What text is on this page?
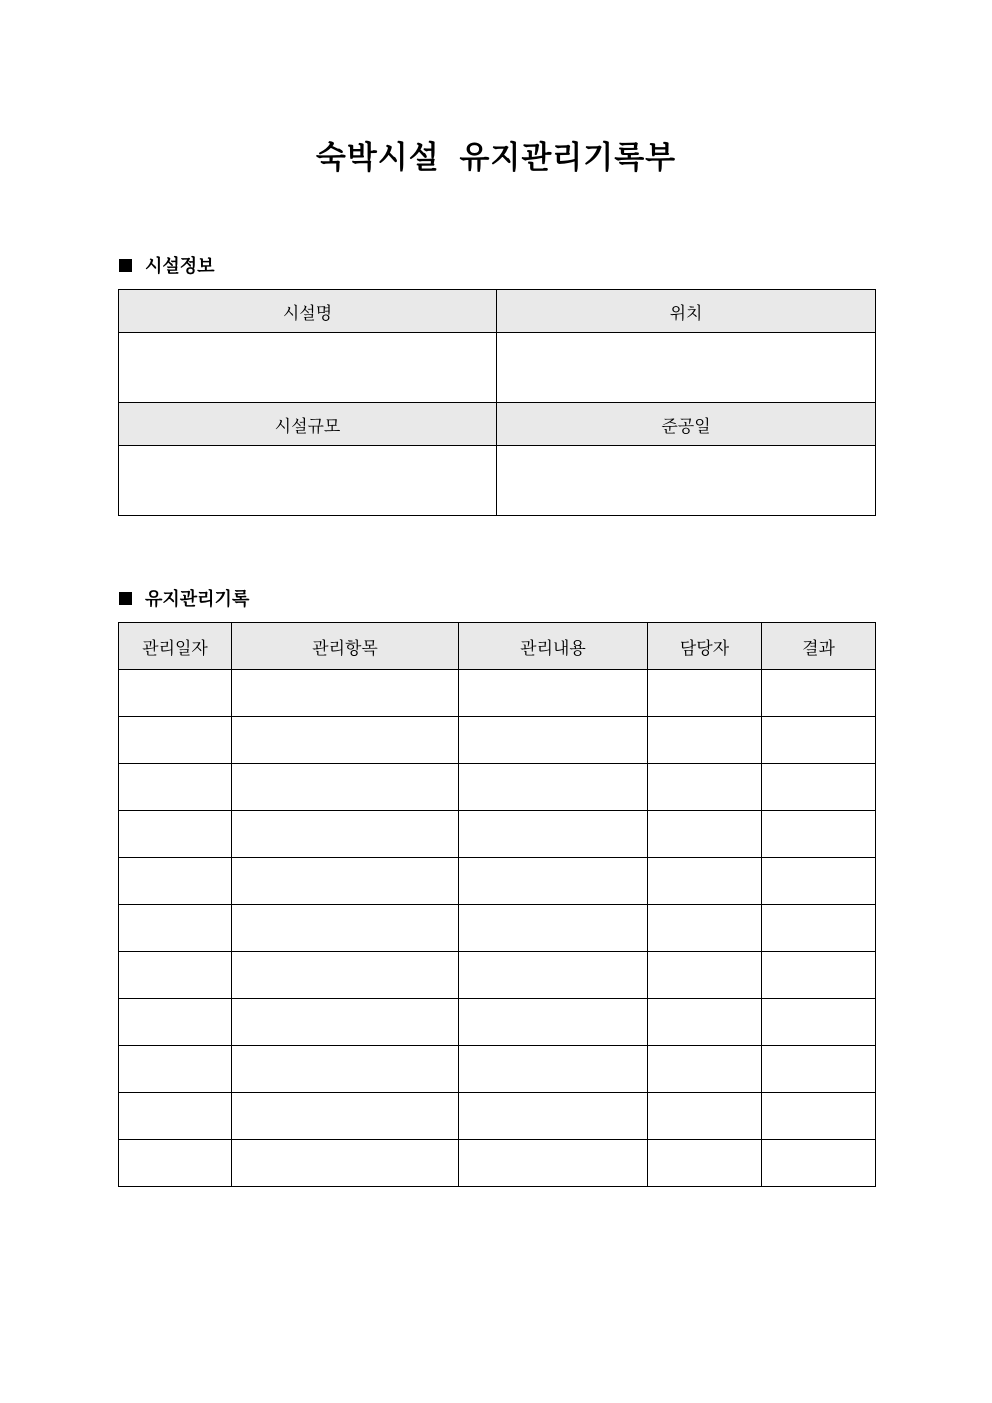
숙박시설 유지관리기록부
시설정보
시설명	위치

시설규모	준공일

유지관리기록
관리일자	관리항목	관리내용	담당자	결과
